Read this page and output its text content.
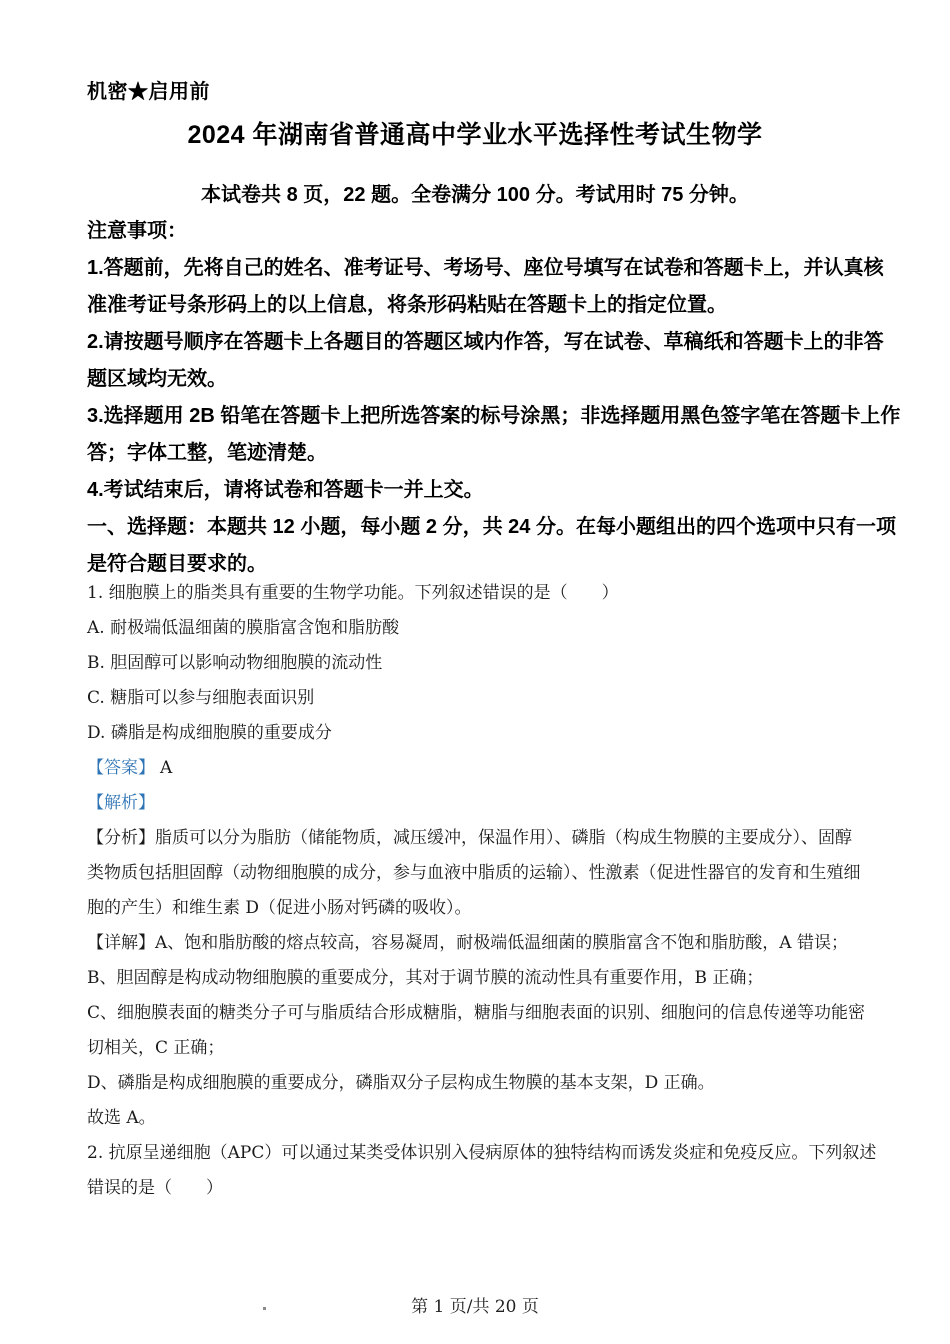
机密★启用前
2024 年湖南省普通高中学业水平选择性考试生物学
本试卷共 8 页，22 题。全卷满分 100 分。考试用时 75 分钟。
注意事项：
1.答题前，先将自己的姓名、准考证号、考场号、座位号填写在试卷和答题卡上，并认真核
准准考证号条形码上的以上信息，将条形码粘贴在答题卡上的指定位置。
2.请按题号顺序在答题卡上各题目的答题区域内作答，写在试卷、草稿纸和答题卡上的非答
题区域均无效。
3.选择题用 2B 铅笔在答题卡上把所选答案的标号涂黑；非选择题用黑色签字笔在答题卡上作
答；字体工整，笔迹清楚。
4.考试结束后，请将试卷和答题卡一并上交。
一、选择题：本题共 12 小题，每小题 2 分，共 24 分。在每小题组出的四个选项中只有一项
是符合题目要求的。
1. 细胞膜上的脂类具有重要的生物学功能。下列叙述错误的是（　　）
A. 耐极端低温细菌的膜脂富含饱和脂肪酸
B. 胆固醇可以影响动物细胞膜的流动性
C. 糖脂可以参与细胞表面识别
D. 磷脂是构成细胞膜的重要成分
【答案】 A
【解析】
【分析】脂质可以分为脂肪（储能物质，减压缓冲，保温作用）、磷脂（构成生物膜的主要成分）、固醇
类物质包括胆固醇（动物细胞膜的成分，参与血液中脂质的运输）、性激素（促进性器官的发育和生殖细
胞的产生）和维生素 D（促进小肠对钙磷的吸收）。
【详解】A、饱和脂肪酸的熔点较高，容易凝周，耐极端低温细菌的膜脂富含不饱和脂肪酸，A 错误；
B、胆固醇是构成动物细胞膜的重要成分，其对于调节膜的流动性具有重要作用，B 正确；
C、细胞膜表面的糖类分子可与脂质结合形成糖脂，糖脂与细胞表面的识别、细胞问的信息传递等功能密
切相关，C 正确；
D、磷脂是构成细胞膜的重要成分，磷脂双分子层构成生物膜的基本支架，D 正确。
故选 A。
2. 抗原呈递细胞（APC）可以通过某类受体识别入侵病原体的独特结构而诱发炎症和免疫反应。下列叙述
错误的是（　　）
第 1 页/共 20 页
